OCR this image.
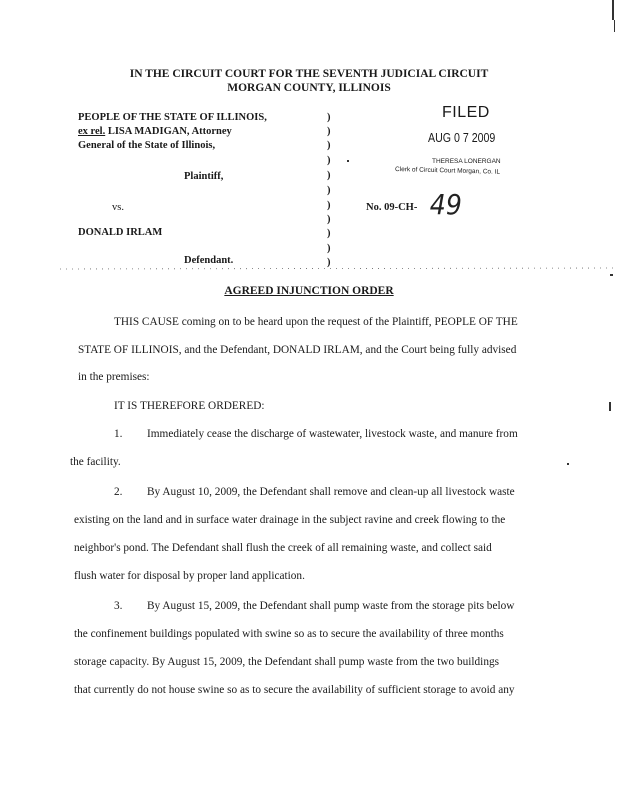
IN THE CIRCUIT COURT FOR THE SEVENTH JUDICIAL CIRCUIT
MORGAN COUNTY, ILLINOIS
PEOPLE OF THE STATE OF ILLINOIS,
ex rel. LISA MADIGAN, Attorney
General of the State of Illinois,
Plaintiff,
vs.
DONALD IRLAM
Defendant.
)
)
)
)
)
)
)
)
)
)
)
FILED
AUG 0 7 2009
THERESA LONERGAN
Clerk of Circuit Court Morgan, Co. IL
No. 09-CH- 49
AGREED INJUNCTION ORDER
THIS CAUSE coming on to be heard upon the request of the Plaintiff, PEOPLE OF THE
STATE OF ILLINOIS, and the Defendant, DONALD IRLAM, and the Court being fully advised
in the premises:
IT IS THEREFORE ORDERED:
1. Immediately cease the discharge of wastewater, livestock waste, and manure from
the facility.
2. By August 10, 2009, the Defendant shall remove and clean-up all livestock waste
existing on the land and in surface water drainage in the subject ravine and creek flowing to the
neighbor's pond. The Defendant shall flush the creek of all remaining waste, and collect said
flush water for disposal by proper land application.
3. By August 15, 2009, the Defendant shall pump waste from the storage pits below
the confinement buildings populated with swine so as to secure the availability of three months
storage capacity. By August 15, 2009, the Defendant shall pump waste from the two buildings
that currently do not house swine so as to secure the availability of sufficient storage to avoid any
